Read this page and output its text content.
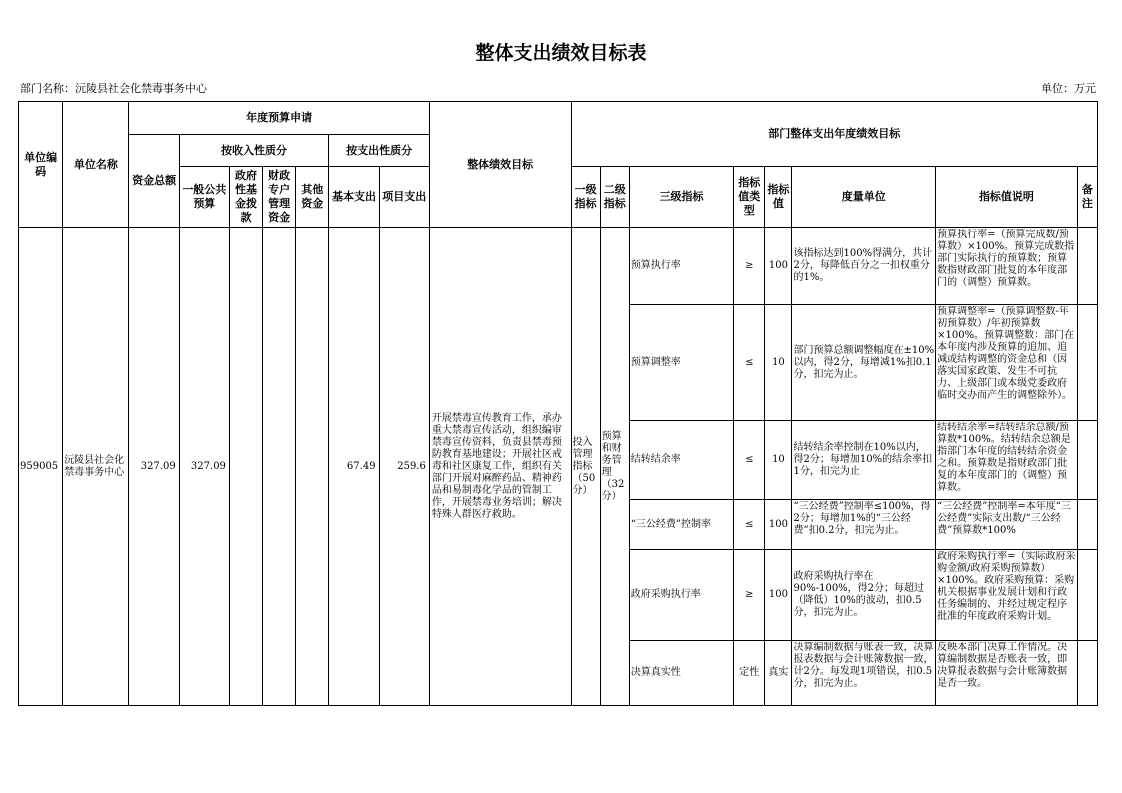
整体支出绩效目标表
部门名称：沅陵县社会化禁毒事务中心	单位：万元
单位编码	单位名称	年度预算申请							整体绩效目标	部门整体支出年度绩效目标							
		资金总额	按收入性质分				按支出性质分										
			一般公共预算	政府性基金拨款	财政专户管理资金	其他资金	基本支出	项目支出		一级指标	二级指标	三级指标	指标值类型	指标值	度量单位	指标值说明	备注
959005	沅陵县社会化禁毒事务中心	327.09	327.09				67.49	259.6	开展禁毒宣传教育工作，承办重大禁毒宣传活动，组织编审禁毒宣传资料，负责县禁毒预防教育基地建设；开展社区戒毒和社区康复工作，组织有关部门开展对麻醉药品、精神药品和易制毒化学品的管制工作，开展禁毒业务培训；解决特殊人群医疗救助。	投入管理指标（50分）	预算和财务管理（32分）	预算执行率	≥	100	该指标达到100%得满分，共计2分，每降低百分之一扣权重分的1%。	预算执行率=（预算完成数/预算数）×100%。预算完成数指部门实际执行的预算数；预算数指财政部门批复的本年度部门的（调整）预算数。	

												预算调整率	≤	10	部门预算总额调整幅度在±10%以内，得2分，每增减1%扣0.1分，扣完为止。	预算调整率=（预算调整数-年初预算数）/年初预算数×100%。预算调整数：部门在本年度内涉及预算的追加、追减或结构调整的资金总和（因落实国家政策、发生不可抗力、上级部门或本级党委政府临时交办而产生的调整除外）。	

												结转结余率	≤	10	结转结余率控制在10%以内，得2分；每增加10%的结余率扣1分，扣完为止	结转结余率=结转结余总额/预算数*100%。结转结余总额是指部门本年度的结转结余资金之和。预算数是指财政部门批复的本年度部门的（调整）预算数。	

												“三公经费”控制率	≤	100	“三公经费”控制率≤100%，得2分；每增加1%的“三公经费”扣0.2分，扣完为止。	“三公经费”控制率=本年度“三公经费”实际支出数/“三公经费”预算数*100%	

												政府采购执行率	≥	100	政府采购执行率在90%-100%，得2分；每超过（降低）10%的波动，扣0.5分，扣完为止。	政府采购执行率=（实际政府采购金额/政府采购预算数）×100%。政府采购预算：采购机关根据事业发展计划和行政任务编制的、并经过规定程序批准的年度政府采购计划。	

												决算真实性	定性	真实	决算编制数据与账表一致，决算报表数据与会计账簿数据一致，计2分。每发现1项错误，扣0.5分，扣完为止。	反映本部门决算工作情况。决算编制数据是否账表一致，即决算报表数据与会计账簿数据是否一致。	
